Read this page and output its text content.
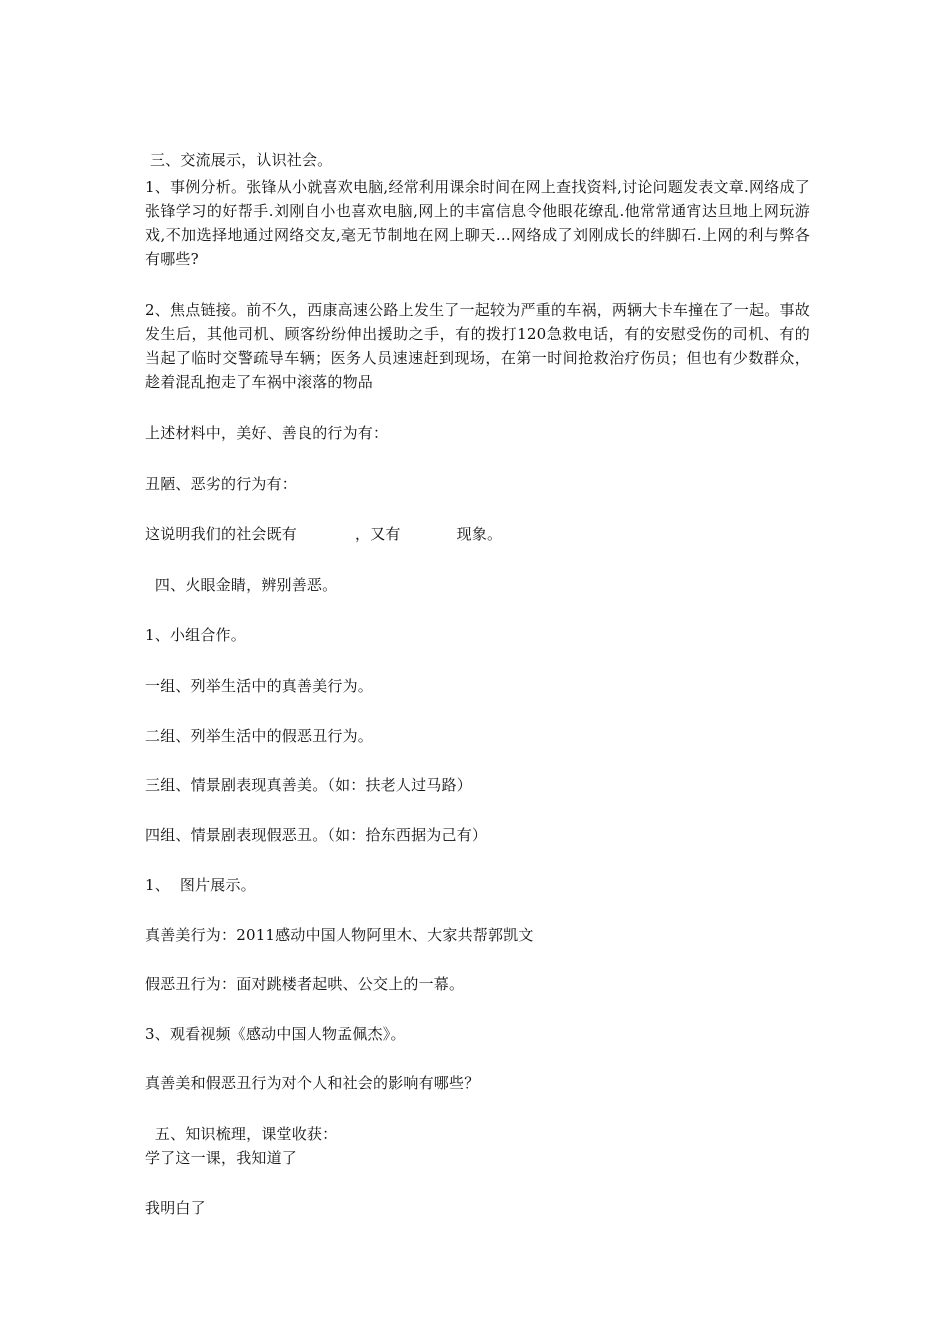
三、交流展示，认识社会。
1、事例分析。张锋从小就喜欢电脑,经常利用课余时间在网上查找资料,讨论问题发表文章.网络成了张锋学习的好帮手.刘刚自小也喜欢电脑,网上的丰富信息令他眼花缭乱.他常常通宵达旦地上网玩游戏,不加选择地通过网络交友,毫无节制地在网上聊天…网络成了刘刚成长的绊脚石.上网的利与弊各有哪些?
2、焦点链接。前不久，西康高速公路上发生了一起较为严重的车祸，两辆大卡车撞在了一起。事故发生后，其他司机、顾客纷纷伸出援助之手，有的拨打120急救电话，有的安慰受伤的司机、有的当起了临时交警疏导车辆；医务人员速速赶到现场，在第一时间抢救治疗伤员；但也有少数群众，趁着混乱抱走了车祸中滚落的物品
上述材料中，美好、善良的行为有：
丑陋、恶劣的行为有：
这说明我们的社会既有	，又有	现象。
四、火眼金睛，辨别善恶。
1、小组合作。
一组、列举生活中的真善美行为。
二组、列举生活中的假恶丑行为。
三组、情景剧表现真善美。（如：扶老人过马路）
四组、情景剧表现假恶丑。（如：拾东西据为己有）
1、  图片展示。
真善美行为：2011感动中国人物阿里木、大家共帮郭凯文
假恶丑行为：面对跳楼者起哄、公交上的一幕。
3、观看视频《感动中国人物孟佩杰》。
真善美和假恶丑行为对个人和社会的影响有哪些？
五、知识梳理，课堂收获：
学了这一课，我知道了
我明白了
